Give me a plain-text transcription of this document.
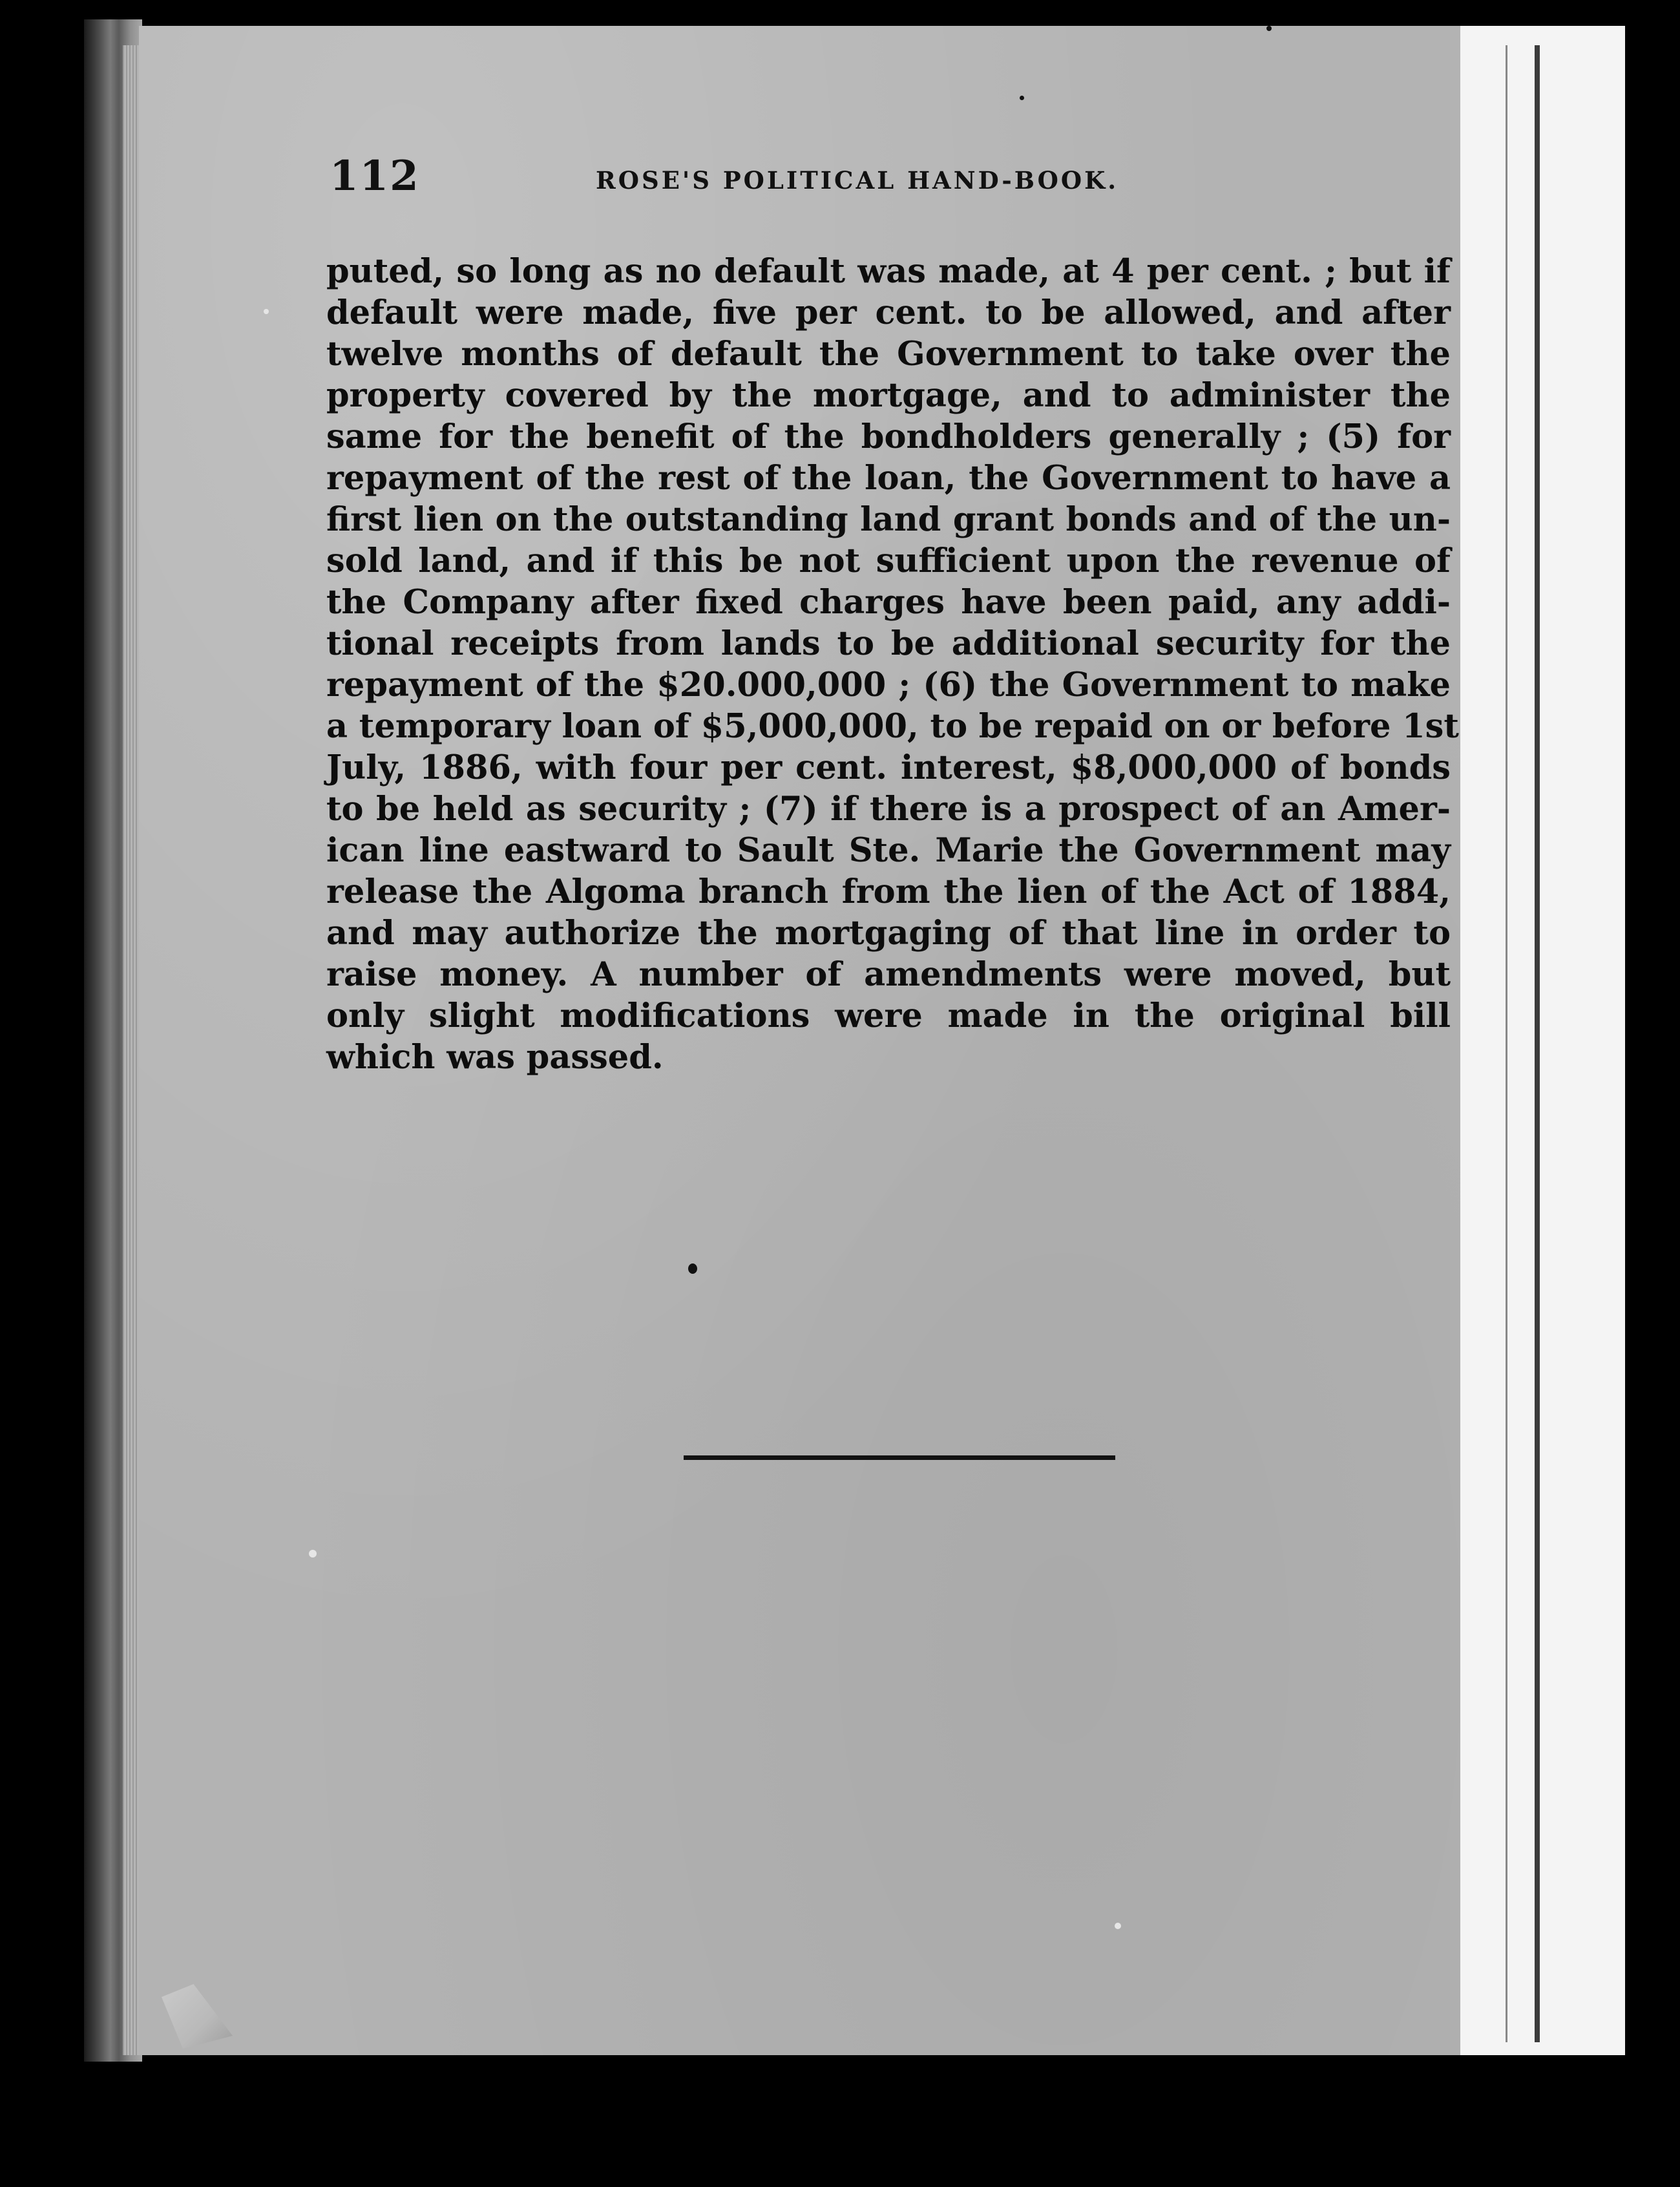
112	ROSE'S POLITICAL HAND-BOOK.
puted, so long as no default was made, at 4 per cent. ; but if
default were made, five per cent. to be allowed, and after
twelve months of default the Government to take over the
property covered by the mortgage, and to administer the
same for the benefit of the bondholders generally ; (5) for
repayment of the rest of the loan, the Government to have a
first lien on the outstanding land grant bonds and of the un-
sold land, and if this be not sufficient upon the revenue of
the Company after fixed charges have been paid, any addi-
tional receipts from lands to be additional security for the
repayment of the $20.000,000 ; (6) the Government to make
a temporary loan of $5,000,000, to be repaid on or before 1st
July, 1886, with four per cent. interest, $8,000,000 of bonds
to be held as security ; (7) if there is a prospect of an Amer-
ican line eastward to Sault Ste. Marie the Government may
release the Algoma branch from the lien of the Act of 1884,
and may authorize the mortgaging of that line in order to
raise money. A number of amendments were moved, but
only slight modifications were made in the original bill
which was passed.
